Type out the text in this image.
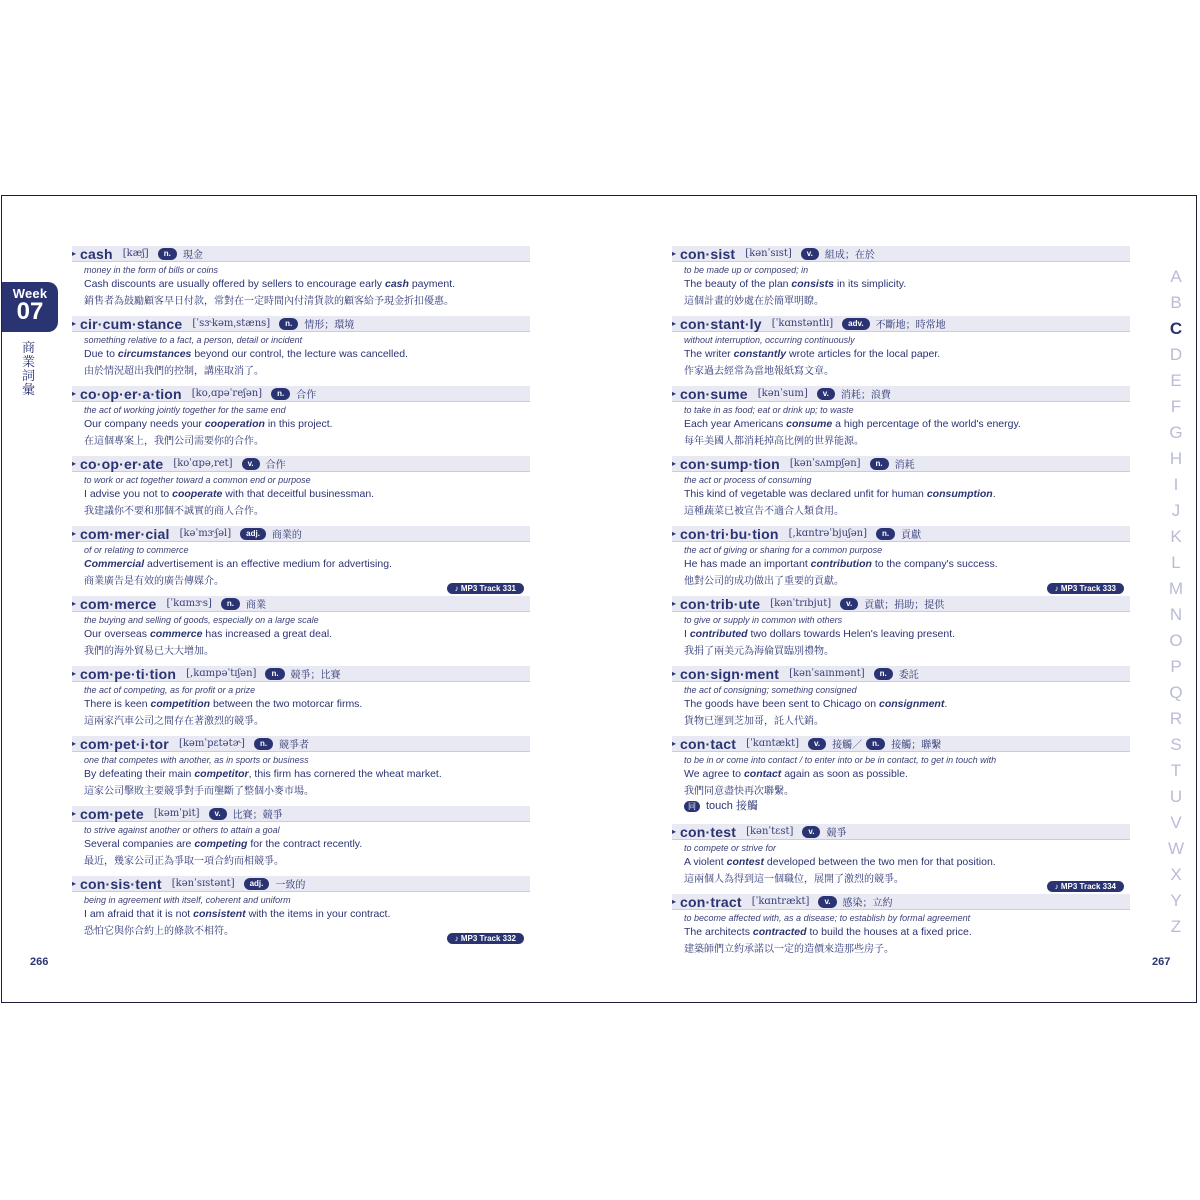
Week
07
商業詞彙
▸ cash [kæʃ]	n.	現金
money in the form of bills or coins
Cash discounts are usually offered by sellers to encourage early cash payment.
銷售者為鼓勵顧客早日付款，常對在一定時間內付清貨款的顧客給予現金折扣優惠。
▸ cir·cum·stance [ˈsɝkəmˌstæns]	n.	情形；環境
something relative to a fact, a person, detail or incident
Due to circumstances beyond our control, the lecture was cancelled.
由於情況超出我們的控制，講座取消了。
▸ co·op·er·a·tion [ko,ɑpəˈreʃən]	n.	合作
the act of working jointly together for the same end
Our company needs your cooperation in this project.
在這個專案上，我們公司需要你的合作。
▸ co·op·er·ate [koˈɑpə,ret]	v.	合作
to work or act together toward a common end or purpose
I advise you not to cooperate with that deceitful businessman.
我建議你不要和那個不誠實的商人合作。
▸ com·mer·cial [kəˈmɝʃəl]	adj.	商業的
of or relating to commerce
Commercial advertisement is an effective medium for advertising.
商業廣告是有效的廣告傳媒介。
♪ MP3 Track 331
▸ com·merce [ˈkɑmɝs]	n.	商業
the buying and selling of goods, especially on a large scale
Our overseas commerce has increased a great deal.
我們的海外貿易已大大增加。
▸ com·pe·ti·tion [,kɑmpəˈtɪʃən]	n.	競爭；比賽
the act of competing, as for profit or a prize
There is keen competition between the two motorcar firms.
這兩家汽車公司之間存在著激烈的競爭。
▸ com·pet·i·tor [kəmˈpɛtətɚ]	n.	競爭者
one that competes with another, as in sports or business
By defeating their main competitor, this firm has cornered the wheat market.
這家公司擊敗主要競爭對手而壟斷了整個小麥市場。
▸ com·pete [kəmˈpit]	v.	比賽；競爭
to strive against another or others to attain a goal
Several companies are competing for the contract recently.
最近，幾家公司正為爭取一項合約而相競爭。
▸ con·sis·tent [kənˈsɪstənt]	adj.	一致的
being in agreement with itself, coherent and uniform
I am afraid that it is not consistent with the items in your contract.
恐怕它與你合約上的條款不相符。
♪ MP3 Track 332
▸ con·sist [kənˈsɪst]	v.	組成；在於
to be made up or composed; in
The beauty of the plan consists in its simplicity.
這個計畫的妙處在於簡單明瞭。
▸ con·stant·ly [ˈkɑnstəntlɪ]	adv.	不斷地；時常地
without interruption, occurring continuously
The writer constantly wrote articles for the local paper.
作家過去經常為當地報紙寫文章。
▸ con·sume [kənˈsum]	v.	消耗；浪費
to take in as food; eat or drink up; to waste
Each year Americans consume a high percentage of the world's energy.
每年美國人都消耗掉高比例的世界能源。
▸ con·sump·tion [kənˈsʌmpʃən]	n.	消耗
the act or process of consuming
This kind of vegetable was declared unfit for human consumption.
這種蔬菜已被宣告不適合人類食用。
▸ con·tri·bu·tion [,kɑntrəˈbjuʃən]	n.	貢獻
the act of giving or sharing for a common purpose
He has made an important contribution to the company's success.
他對公司的成功做出了重要的貢獻。
♪ MP3 Track 333
▸ con·trib·ute [kənˈtrɪbjut]	v.	貢獻；捐助；提供
to give or supply in common with others
I contributed two dollars towards Helen's leaving present.
我捐了兩美元為海倫買臨別禮物。
▸ con·sign·ment [kənˈsaɪnmənt]	n.	委託
the act of consigning; something consigned
The goods have been sent to Chicago on consignment.
貨物已運到芝加哥，託人代銷。
▸ con·tact [ˈkɑntækt]	v.	接觸／	n.	接觸；聯繫
to be in or come into contact / to enter into or be in contact, to get in touch with
We agree to contact again as soon as possible.
我們同意盡快再次聯繫。
同 touch 接觸
▸ con·test [kənˈtɛst]	v.	競爭
to compete or strive for
A violent contest developed between the two men for that position.
這兩個人為得到這一個職位，展開了激烈的競爭。
♪ MP3 Track 334
▸ con·tract [ˈkɑntrækt]	v.	感染；立約
to become affected with, as a disease; to establish by formal agreement
The architects contracted to build the houses at a fixed price.
建築師們立約承諾以一定的造價來造那些房子。
266	267
A
B
C
D
E
F
G
H
I
J
K
L
M
N
O
P
Q
R
S
T
U
V
W
X
Y
Z
